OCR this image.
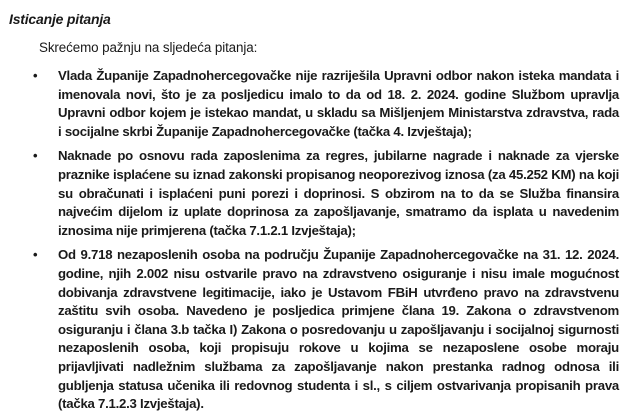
Isticanje pitanja
Skrećemo pažnju na sljedeća pitanja:
• Vlada Županije Zapadnohercegovačke nije razriješila Upravni odbor nakon isteka mandata i imenovala novi, što je za posljedicu imalo to da od 18. 2. 2024. godine Službom upravlja Upravni odbor kojem je istekao mandat, u skladu sa Mišljenjem Ministarstva zdravstva, rada i socijalne skrbi Županije Zapadnohercegovačke (tačka 4. Izvještaja);
• Naknade po osnovu rada zaposlenima za regres, jubilarne nagrade i naknade za vjerske praznike isplaćene su iznad zakonski propisanog neoporezivog iznosa (za 45.252 KM) na koji su obračunati i isplaćeni puni porezi i doprinosi. S obzirom na to da se Služba finansira najvećim dijelom iz uplate doprinosa za zapošljavanje, smatramo da isplata u navedenim iznosima nije primjerena (tačka 7.1.2.1 Izvještaja);
• Od 9.718 nezaposlenih osoba na području Županije Zapadnohercegovačke na 31. 12. 2024. godine, njih 2.002 nisu ostvarile pravo na zdravstveno osiguranje i nisu imale mogućnost dobivanja zdravstvene legitimacije, iako je Ustavom FBiH utvrđeno pravo na zdravstvenu zaštitu svih osoba. Navedeno je posljedica primjene člana 19. Zakona o zdravstvenom osiguranju i člana 3.b tačka I) Zakona o posredovanju u zapošljavanju i socijalnoj sigurnosti nezaposlenih osoba, koji propisuju rokove u kojima se nezaposlene osobe moraju prijavljivati nadležnim službama za zapošljavanje nakon prestanka radnog odnosa ili gubljenja statusa učenika ili redovnog studenta i sl., s ciljem ostvarivanja propisanih prava (tačka 7.1.2.3 Izvještaja).
